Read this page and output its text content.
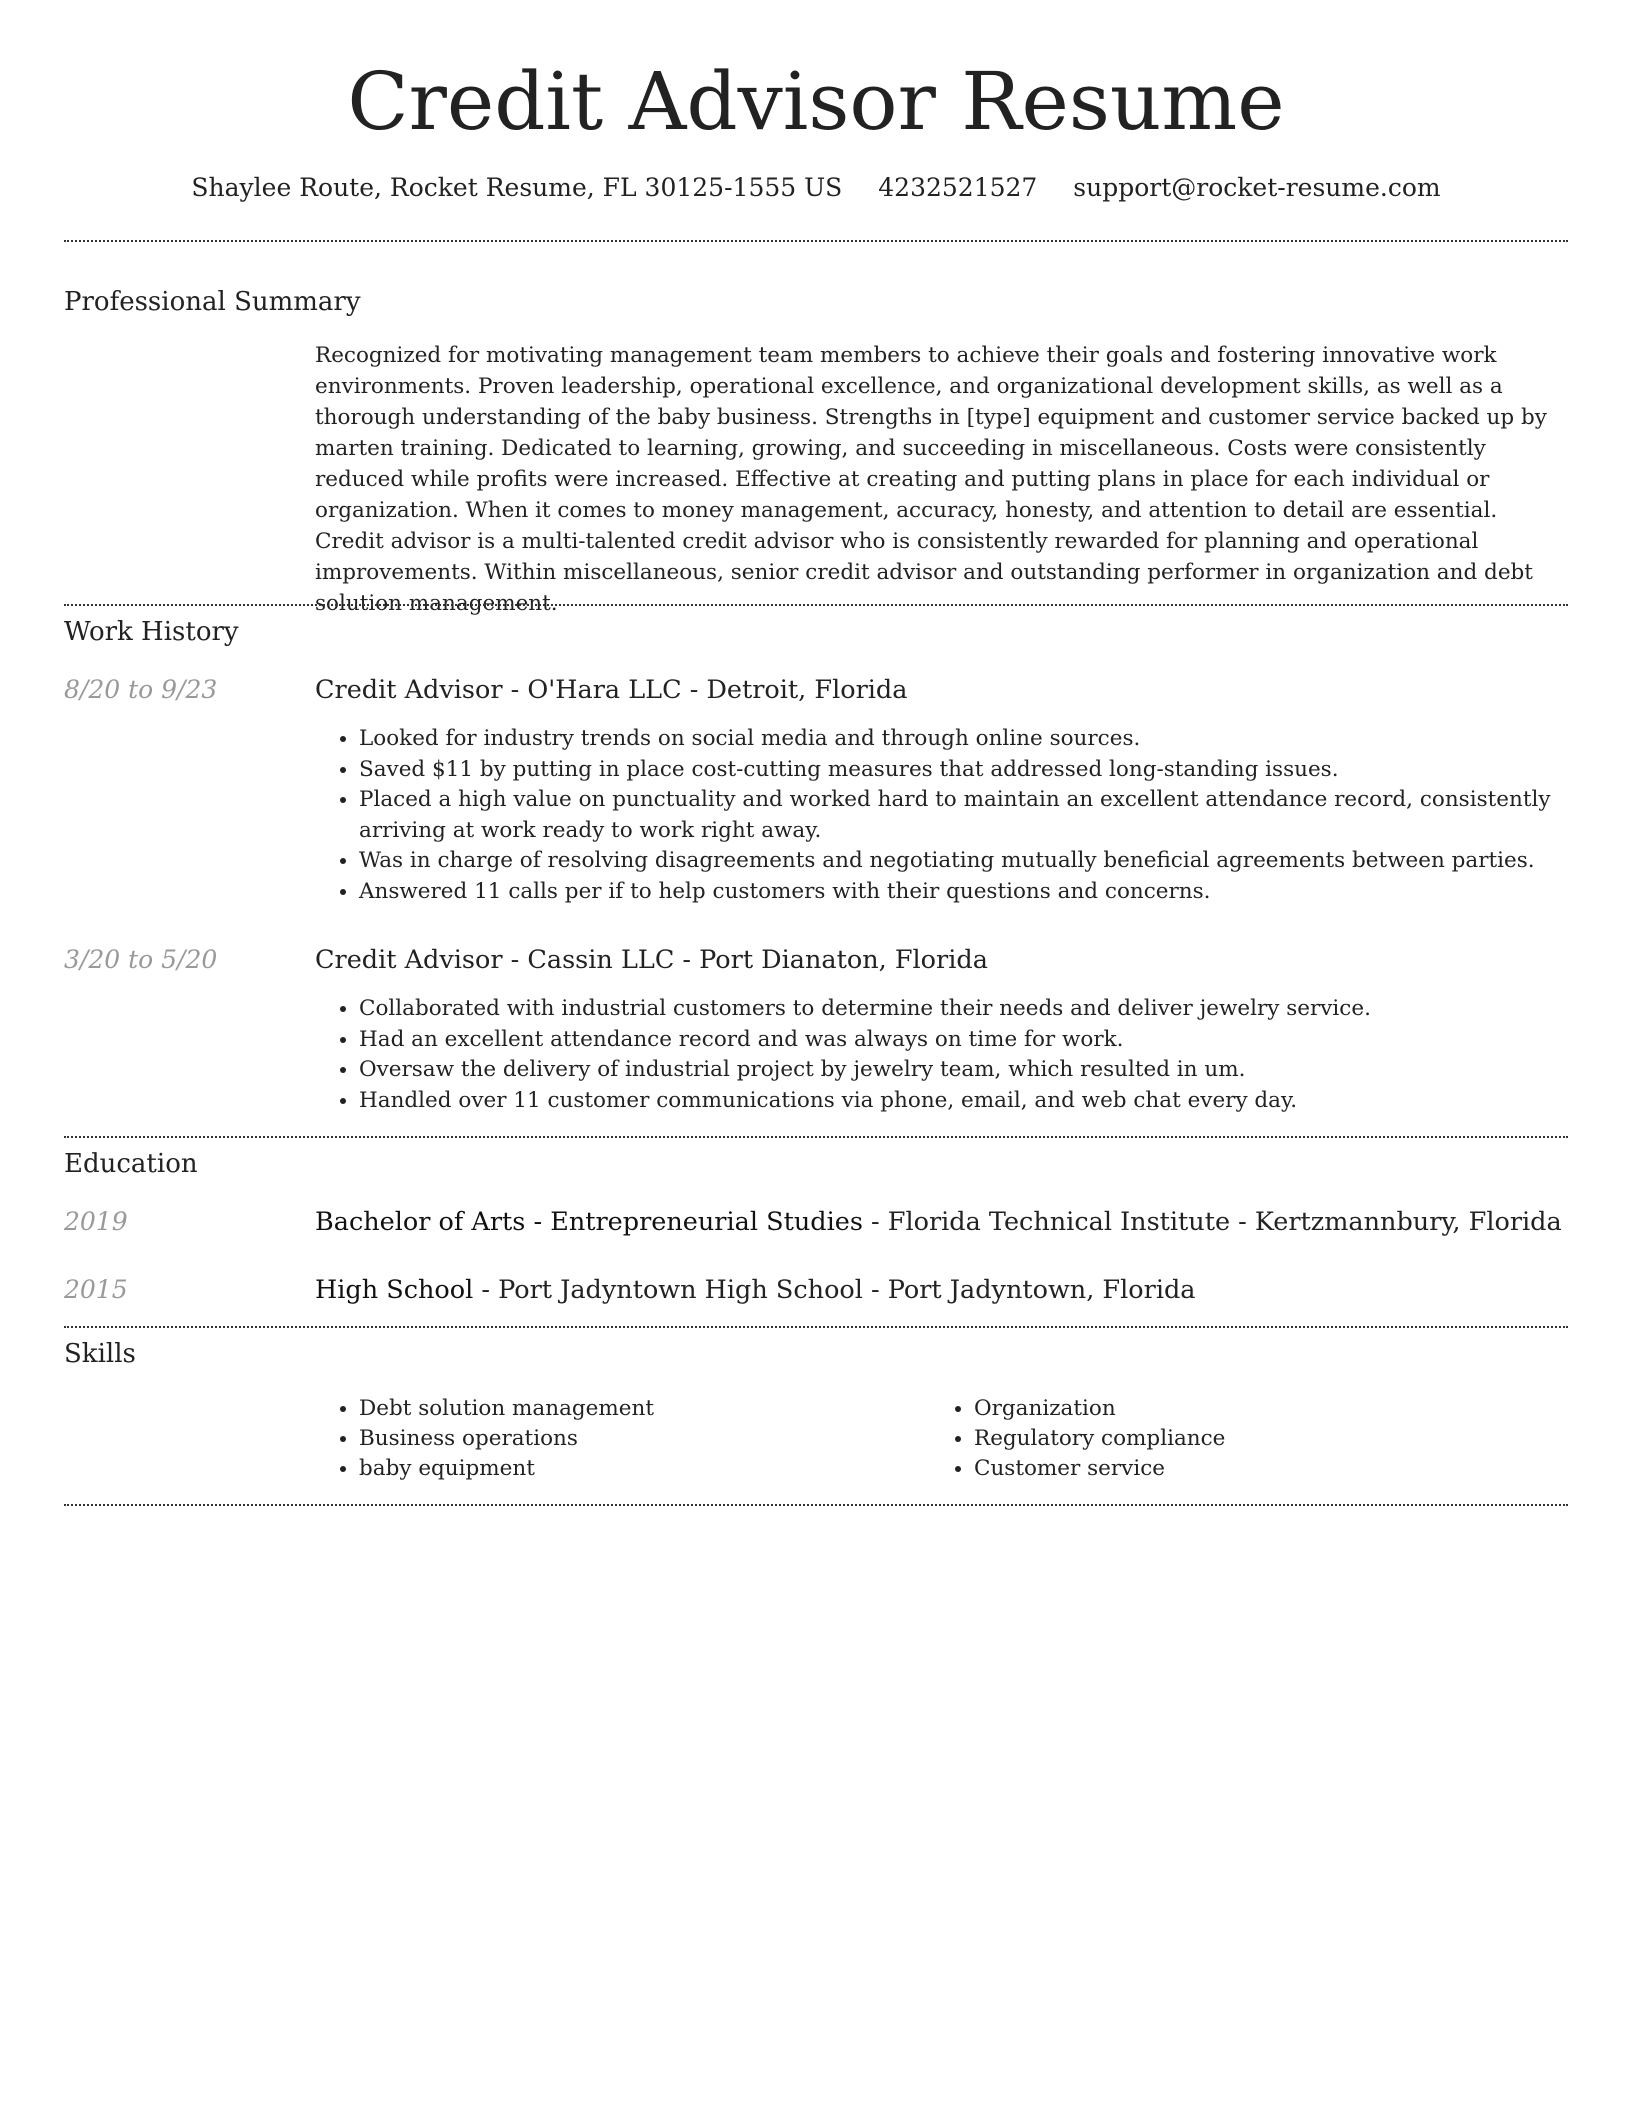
Credit Advisor Resume
Shaylee Route, Rocket Resume, FL 30125-1555 US 4232521527 support@rocket-resume.com
Professional Summary

Recognized for motivating management team members to achieve their goals and fostering innovative work environments. Proven leadership, operational excellence, and organizational development skills, as well as a thorough understanding of the baby business. Strengths in [type] equipment and customer service backed up by marten training. Dedicated to learning, growing, and succeeding in miscellaneous. Costs were consistently reduced while profits were increased. Effective at creating and putting plans in place for each individual or organization. When it comes to money management, accuracy, honesty, and attention to detail are essential. Credit advisor is a multi-talented credit advisor who is consistently rewarded for planning and operational improvements. Within miscellaneous, senior credit advisor and outstanding performer in organization and debt solution management.

Work History
8/20 to 9/23	Credit Advisor - O'Hara LLC - Detroit, Florida
• Looked for industry trends on social media and through online sources.
• Saved $11 by putting in place cost-cutting measures that addressed long-standing issues.
• Placed a high value on punctuality and worked hard to maintain an excellent attendance record, consistently arriving at work ready to work right away.
• Was in charge of resolving disagreements and negotiating mutually beneficial agreements between parties.
• Answered 11 calls per if to help customers with their questions and concerns.
3/20 to 5/20	Credit Advisor - Cassin LLC - Port Dianaton, Florida
• Collaborated with industrial customers to determine their needs and deliver jewelry service.
• Had an excellent attendance record and was always on time for work.
• Oversaw the delivery of industrial project by jewelry team, which resulted in um.
• Handled over 11 customer communications via phone, email, and web chat every day.
Education
2019	Bachelor of Arts - Entrepreneurial Studies - Florida Technical Institute - Kertzmannbury, Florida
2015	High School - Port Jadyntown High School - Port Jadyntown, Florida
Skills
• Debt solution management
• Business operations
• baby equipment
• Organization
• Regulatory compliance
• Customer service
